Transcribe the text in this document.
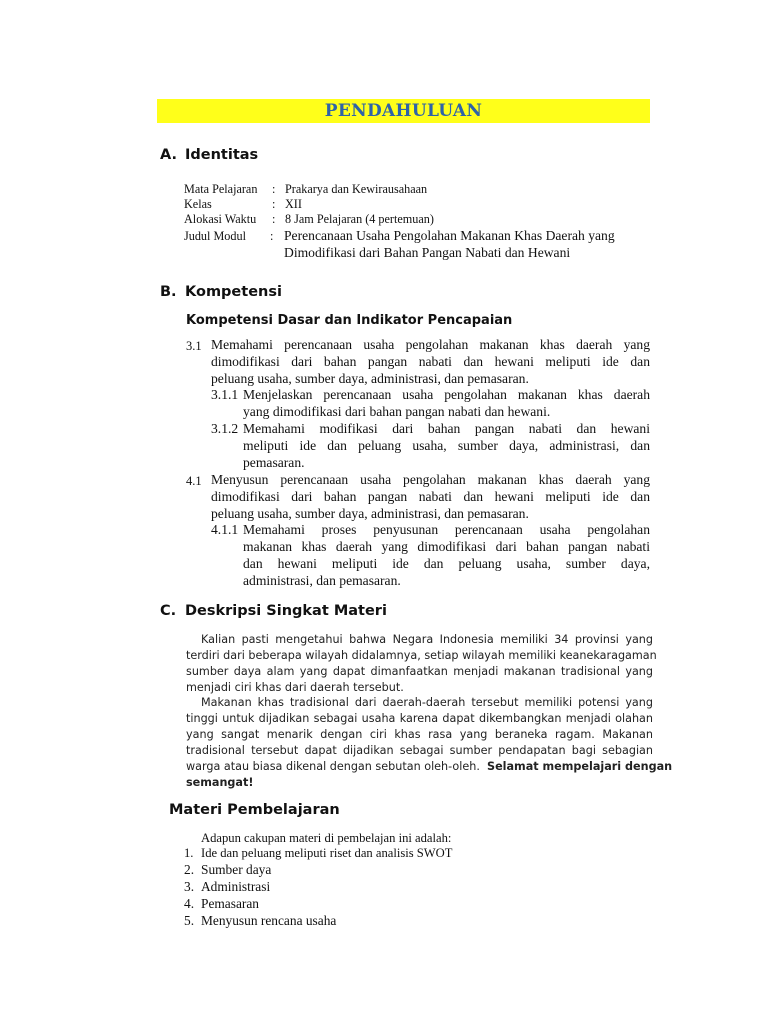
PENDAHULUAN
A. Identitas
Mata Pelajaran : Prakarya dan Kewirausahaan
Kelas	: XII
Alokasi Waktu : 8 Jam Pelajaran (4 pertemuan)
Judul Modul : Perencanaan Usaha Pengolahan Makanan Khas Daerah yang
Dimodifikasi dari Bahan Pangan Nabati dan Hewani
B. Kompetensi
Kompetensi Dasar dan Indikator Pencapaian
3.1 Memahami perencanaan usaha pengolahan makanan khas daerah yang
dimodifikasi dari bahan pangan nabati dan hewani meliputi ide dan
peluang usaha, sumber daya, administrasi, dan pemasaran.
3.1.1 Menjelaskan perencanaan usaha pengolahan makanan khas daerah
yang dimodifikasi dari bahan pangan nabati dan hewani.
3.1.2 Memahami modifikasi dari bahan pangan nabati dan hewani
meliputi ide dan peluang usaha, sumber daya, administrasi, dan
pemasaran.
4.1 Menyusun perencanaan usaha pengolahan makanan khas daerah yang
dimodifikasi dari bahan pangan nabati dan hewani meliputi ide dan
peluang usaha, sumber daya, administrasi, dan pemasaran.
4.1.1 Memahami proses penyusunan perencanaan usaha pengolahan
makanan khas daerah yang dimodifikasi dari bahan pangan nabati
dan hewani meliputi ide dan peluang usaha, sumber daya,
administrasi, dan pemasaran.
C. Deskripsi Singkat Materi
Kalian pasti mengetahui bahwa Negara Indonesia memiliki 34 provinsi yang
terdiri dari beberapa wilayah didalamnya, setiap wilayah memiliki keanekaragaman
sumber daya alam yang dapat dimanfaatkan menjadi makanan tradisional yang
menjadi ciri khas dari daerah tersebut.
Makanan khas tradisional dari daerah-daerah tersebut memiliki potensi yang
tinggi untuk dijadikan sebagai usaha karena dapat dikembangkan menjadi olahan
yang sangat menarik dengan ciri khas rasa yang beraneka ragam. Makanan
tradisional tersebut dapat dijadikan sebagai sumber pendapatan bagi sebagian
warga atau biasa dikenal dengan sebutan oleh-oleh. Selamat mempelajari dengan
semangat!
Materi Pembelajaran
Adapun cakupan materi di pembelajan ini adalah:
1. Ide dan peluang meliputi riset dan analisis SWOT
2. Sumber daya
3. Administrasi
4. Pemasaran
5. Menyusun rencana usaha
